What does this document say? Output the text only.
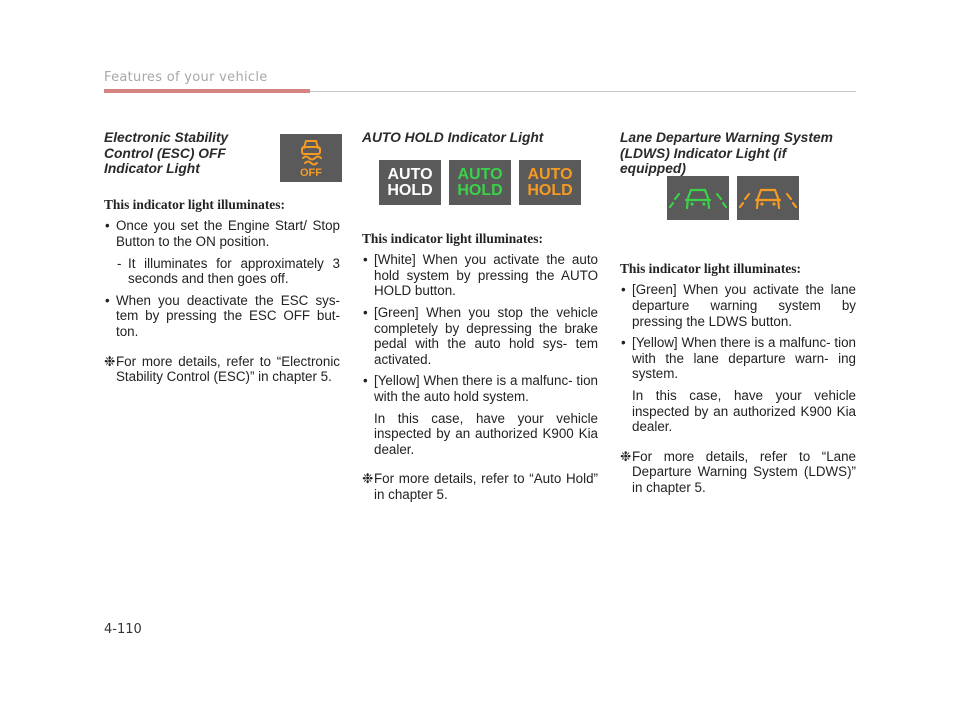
Features of your vehicle
OFF
Electronic Stability
Control (ESC) OFF
Indicator Light

This indicator light illuminates:

• Once you set the Engine Start/ Stop Button to the ON position.

- It illuminates for approximately 3 seconds and then goes off.

• When you deactivate the ESC sys- tem by pressing the ESC OFF but- ton.

❉ For more details, refer to “Electronic Stability Control (ESC)” in chapter 5.
AUTO
HOLD
AUTO
HOLD
AUTO
HOLD
AUTO HOLD Indicator Light

This indicator light illuminates:

• [White] When you activate the auto hold system by pressing the AUTO HOLD button.

• [Green] When you stop the vehicle completely by depressing the brake pedal with the auto hold sys- tem activated.

• [Yellow] When there is a malfunc- tion with the auto hold system.

In this case, have your vehicle inspected by an authorized K900 Kia dealer.

❉ For more details, refer to “Auto Hold” in chapter 5.
Lane Departure Warning System
(LDWS) Indicator Light (if equipped)

This indicator light illuminates:

• [Green] When you activate the lane departure warning system by pressing the LDWS button.

• [Yellow] When there is a malfunc- tion with the lane departure warn- ing system.

In this case, have your vehicle inspected by an authorized K900 Kia dealer.

❉ For more details, refer to “Lane Departure Warning System (LDWS)” in chapter 5.
4-110
